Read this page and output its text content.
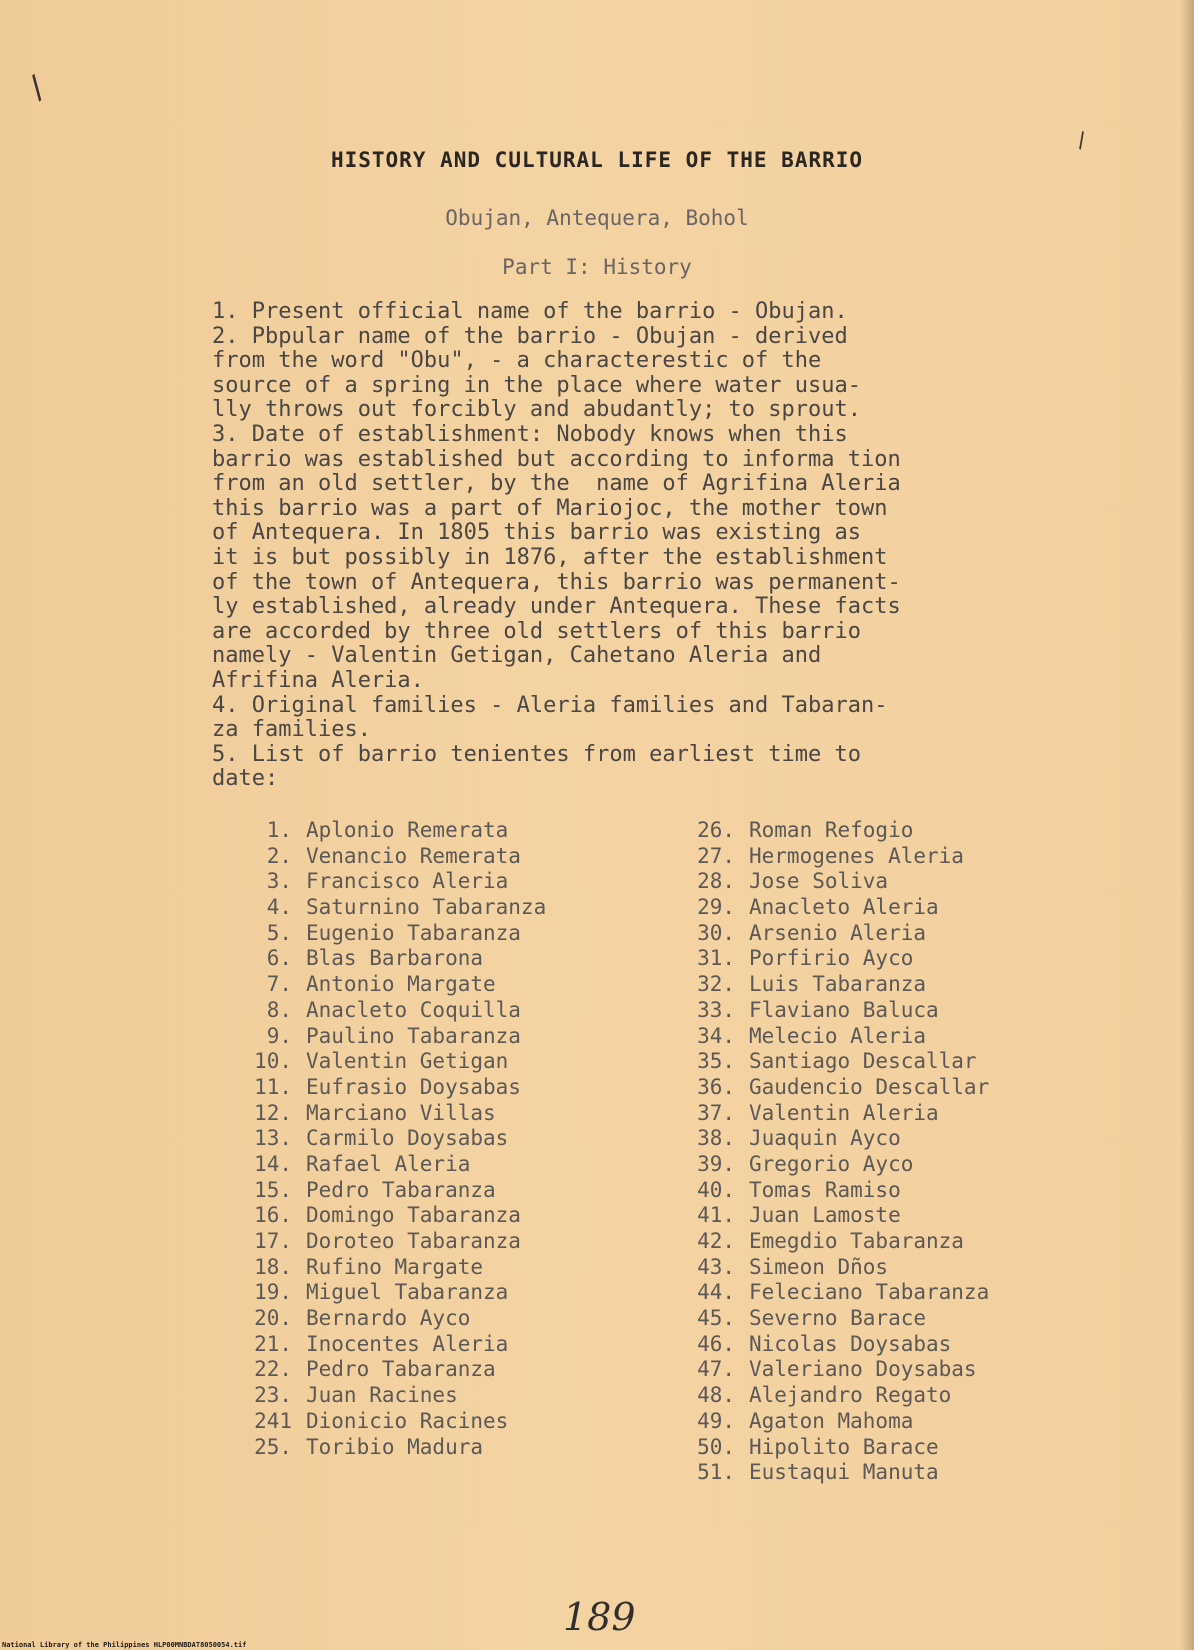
/
\
HISTORY AND CULTURAL LIFE OF THE BARRIO
Obujan, Antequera, Bohol
Part I: History
1. Present official name of the barrio - Obujan.
2. Pbpular name of the barrio - Obujan - derived
from the word "Obu", - a characterestic of the
source of a spring in the place where water usua-
lly throws out forcibly and abudantly; to sprout.
3. Date of establishment: Nobody knows when this
barrio was established but according to informa tion
from an old settler, by the  name of Agrifina Aleria
this barrio was a part of Mariojoc, the mother town
of Antequera. In 1805 this barrio was existing as
it is but possibly in 1876, after the establishment
of the town of Antequera, this barrio was permanent-
ly established, already under Antequera. These facts
are accorded by three old settlers of this barrio
namely - Valentin Getigan, Cahetano Aleria and
Afrifina Aleria.
4. Original families - Aleria families and Tabaran-
za families.
5. List of barrio tenientes from earliest time to
date:
1. Aplonio Remerata
2. Venancio Remerata
3. Francisco Aleria
4. Saturnino Tabaranza
5. Eugenio Tabaranza
6. Blas Barbarona
7. Antonio Margate
8. Anacleto Coquilla
9. Paulino Tabaranza
10. Valentin Getigan
11. Eufrasio Doysabas
12. Marciano Villas
13. Carmilo Doysabas
14. Rafael Aleria
15. Pedro Tabaranza
16. Domingo Tabaranza
17. Doroteo Tabaranza
18. Rufino Margate
19. Miguel Tabaranza
20. Bernardo Ayco
21. Inocentes Aleria
22. Pedro Tabaranza
23. Juan Racines
241 Dionicio Racines
25. Toribio Madura
26. Roman Refogio
27. Hermogenes Aleria
28. Jose Soliva
29. Anacleto Aleria
30. Arsenio Aleria
31. Porfirio Ayco
32. Luis Tabaranza
33. Flaviano Baluca
34. Melecio Aleria
35. Santiago Descallar
36. Gaudencio Descallar
37. Valentin Aleria
38. Juaquin Ayco
39. Gregorio Ayco
40. Tomas Ramiso
41. Juan Lamoste
42. Emegdio Tabaranza
43. Simeon Dños
44. Feleciano Tabaranza
45. Severno Barace
46. Nicolas Doysabas
47. Valeriano Doysabas
48. Alejandro Regato
49. Agaton Mahoma
50. Hipolito Barace
51. Eustaqui Manuta
189
National Library of the Philippines HLP00MNBDAT8050054.tif
